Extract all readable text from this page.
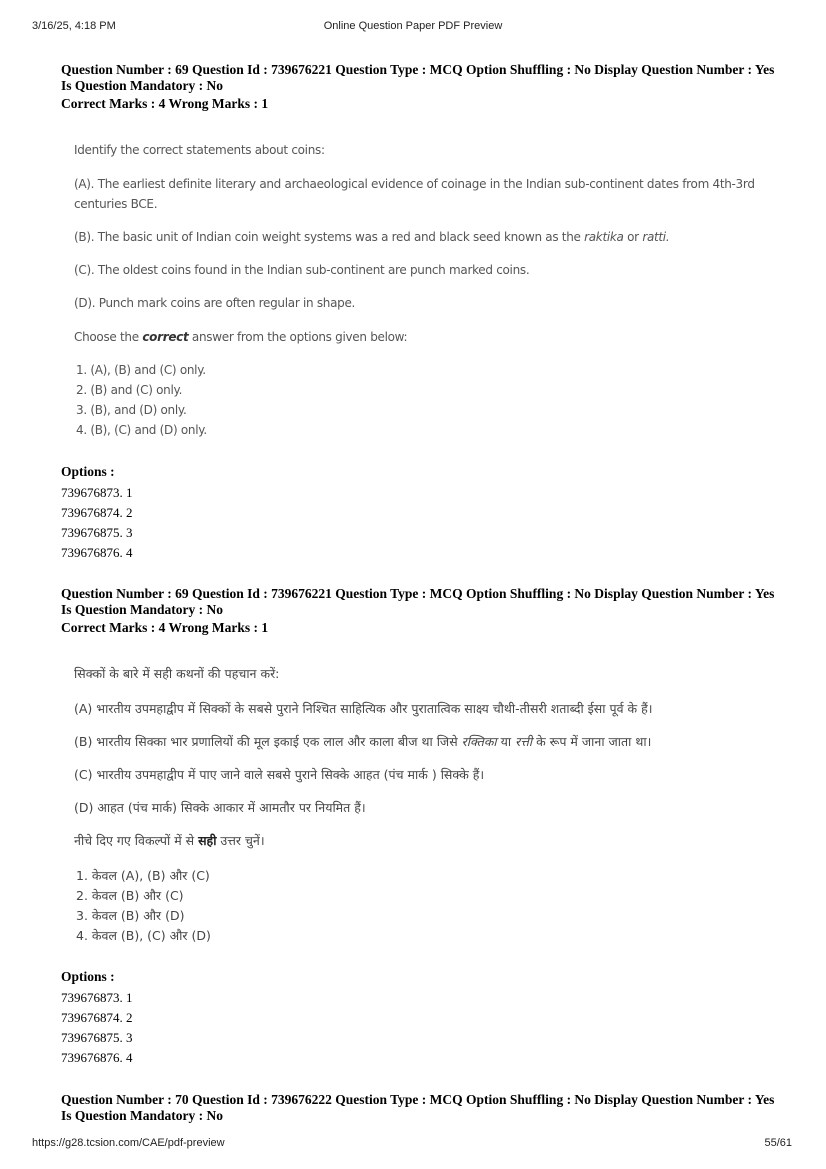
3/16/25, 4:18 PM	Online Question Paper PDF Preview
Question Number : 69 Question Id : 739676221 Question Type : MCQ Option Shuffling : No Display Question Number : Yes
Is Question Mandatory : No
Correct Marks : 4 Wrong Marks : 1

Identify the correct statements about coins:

(A). The earliest definite literary and archaeological evidence of coinage in the Indian sub-continent dates from 4th-3rd centuries BCE.

(B). The basic unit of Indian coin weight systems was a red and black seed known as the raktika or ratti.

(C). The oldest coins found in the Indian sub-continent are punch marked coins.

(D). Punch mark coins are often regular in shape.

Choose the correct answer from the options given below:

1. (A), (B) and (C) only.
2. (B) and (C) only.
3. (B), and (D) only.
4. (B), (C) and (D) only.
Options :
739676873. 1
739676874. 2
739676875. 3
739676876. 4
Question Number : 69 Question Id : 739676221 Question Type : MCQ Option Shuffling : No Display Question Number : Yes
Is Question Mandatory : No
Correct Marks : 4 Wrong Marks : 1

सिक्कों के बारे में सही कथनों की पहचान करें:

(A) भारतीय उपमहाद्वीप में सिक्कों के सबसे पुराने निश्चित साहित्यिक और पुरातात्विक साक्ष्य चौथी-तीसरी शताब्दी ईसा पूर्व के हैं।

(B) भारतीय सिक्का भार प्रणालियों की मूल इकाई एक लाल और काला बीज था जिसे रक्तिका या रत्ती के रूप में जाना जाता था।

(C) भारतीय उपमहाद्वीप में पाए जाने वाले सबसे पुराने सिक्के आहत (पंच मार्क ) सिक्के हैं।

(D) आहत (पंच मार्क) सिक्के आकार में आमतौर पर नियमित हैं।

नीचे दिए गए विकल्पों में से सही उत्तर चुनें।

1. केवल (A), (B) और (C)
2. केवल (B) और (C)
3. केवल (B) और (D)
4. केवल (B), (C) और (D)
Options :
739676873. 1
739676874. 2
739676875. 3
739676876. 4
Question Number : 70 Question Id : 739676222 Question Type : MCQ Option Shuffling : No Display Question Number : Yes
Is Question Mandatory : No
https://g28.tcsion.com/CAE/pdf-preview	55/61
